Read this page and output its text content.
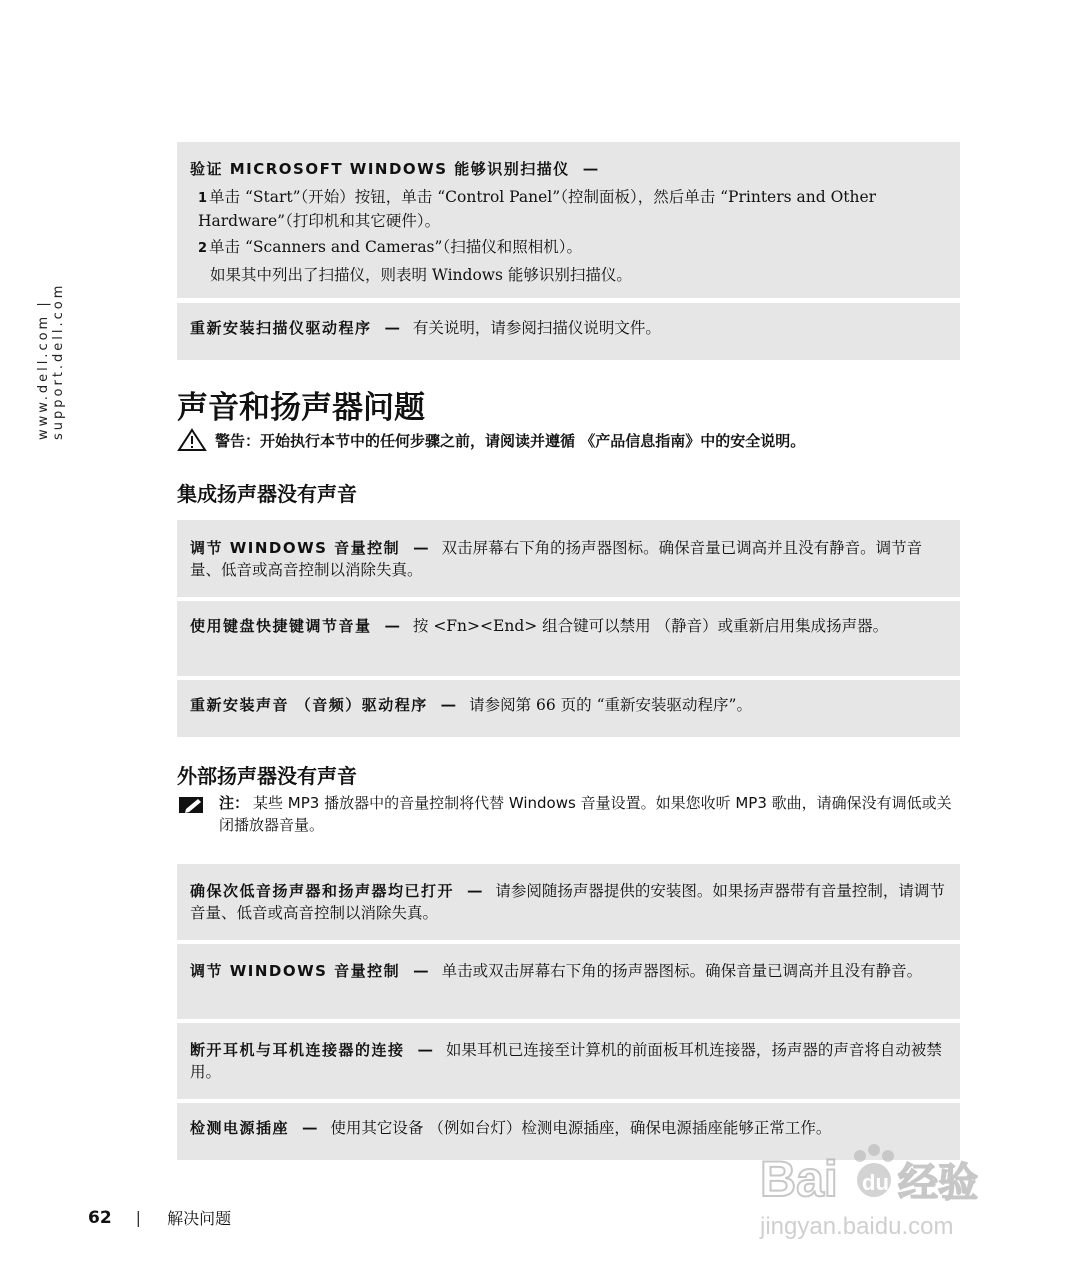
www.dell.com | support.dell.com
验证 MICROSOFT WINDOWS 能够识别扫描仪 —
1 单击 “Start”（开始）按钮，单击 “Control Panel”（控制面板），然后单击 “Printers and Other Hardware”（打印机和其它硬件）。
2 单击 “Scanners and Cameras”（扫描仪和照相机）。
如果其中列出了扫描仪，则表明 Windows 能够识别扫描仪。
重新安装扫描仪驱动程序 — 有关说明，请参阅扫描仪说明文件。
声音和扬声器问题
警告：开始执行本节中的任何步骤之前，请阅读并遵循 《产品信息指南》中的安全说明。
集成扬声器没有声音
调节 WINDOWS 音量控制 — 双击屏幕右下角的扬声器图标。确保音量已调高并且没有静音。调节音量、低音或高音控制以消除失真。
使用键盘快捷键调节音量 — 按 <Fn><End> 组合键可以禁用 （静音）或重新启用集成扬声器。
重新安装声音 （音频）驱动程序 — 请参阅第 66 页的 “重新安装驱动程序”。
外部扬声器没有声音
注： 某些 MP3 播放器中的音量控制将代替 Windows 音量设置。如果您收听 MP3 歌曲，请确保没有调低或关闭播放器音量。
确保次低音扬声器和扬声器均已打开 — 请参阅随扬声器提供的安装图。如果扬声器带有音量控制，请调节音量、低音或高音控制以消除失真。
调节 WINDOWS 音量控制 — 单击或双击屏幕右下角的扬声器图标。确保音量已调高并且没有静音。
断开耳机与耳机连接器的连接 — 如果耳机已连接至计算机的前面板耳机连接器，扬声器的声音将自动被禁用。
检测电源插座 — 使用其它设备 （例如台灯）检测电源插座，确保电源插座能够正常工作。
62 | 解决问题
Bai du 经验
jingyan.baidu.com
